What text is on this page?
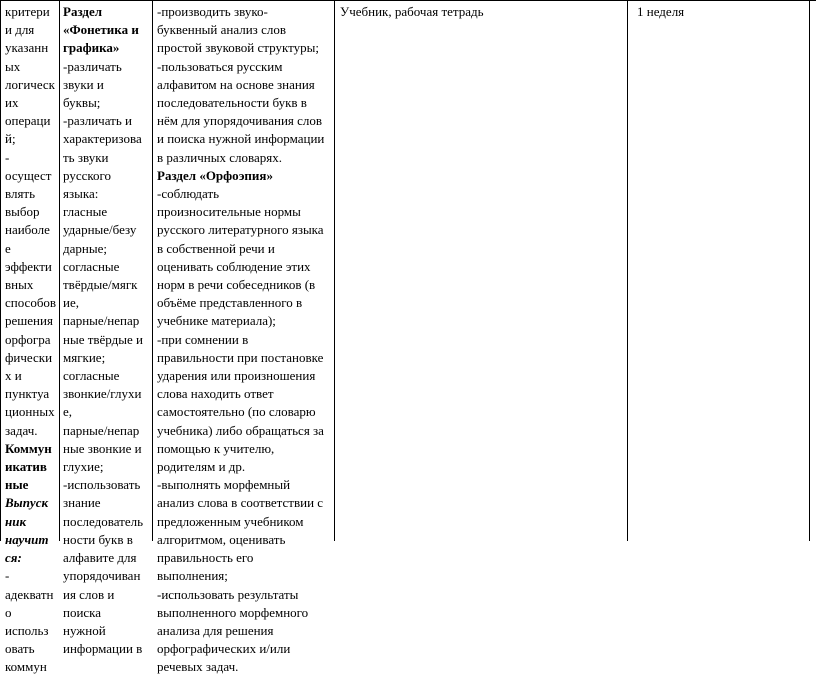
критери
и для
указанн
ых
логическ
их
операци
й;
-
осущест
влять
выбор
наиболе
е
эффекти
вных
способов
решения
орфогра
фически
х и
пунктуа
ционных
задач.
Коммун
икатив
ные
Выпуск
ник
научит
ся:
-
адекватн
о
использ
овать
коммун
Раздел
«Фонетика и
графика»
-различать
звуки и
буквы;
-различать и
характеризова
ть звуки
русского
языка:
гласные
ударные/безу
дарные;
согласные
твёрдые/мягк
ие,
парные/непар
ные твёрдые и
мягкие;
согласные
звонкие/глухи
е,
парные/непар
ные звонкие и
глухие;
-использовать
знание
последователь
ности букв в
алфавите для
упорядочиван
ия слов и
поиска
нужной
информации в
-производить звуко-
буквенный анализ слов
простой звуковой структуры;
-пользоваться русским
алфавитом на основе знания
последовательности букв в
нём для упорядочивания слов
и поиска нужной информации
в различных словарях.
Раздел «Орфоэпия»
-соблюдать
произносительные нормы
русского литературного языка
в собственной речи и
оценивать соблюдение этих
норм в речи собеседников (в
объёме представленного в
учебнике материала);
-при сомнении в
правильности при постановке
ударения или произношения
слова находить ответ
самостоятельно (по словарю
учебника) либо обращаться за
помощью к учителю,
родителям и др.
-выполнять морфемный
анализ слова в соответствии с
предложенным учебником
алгоритмом, оценивать
правильность его
выполнения;
-использовать результаты
выполненного морфемного
анализа для решения
орфографических и/или
речевых задач.
Учебник, рабочая тетрадь	1 неделя
